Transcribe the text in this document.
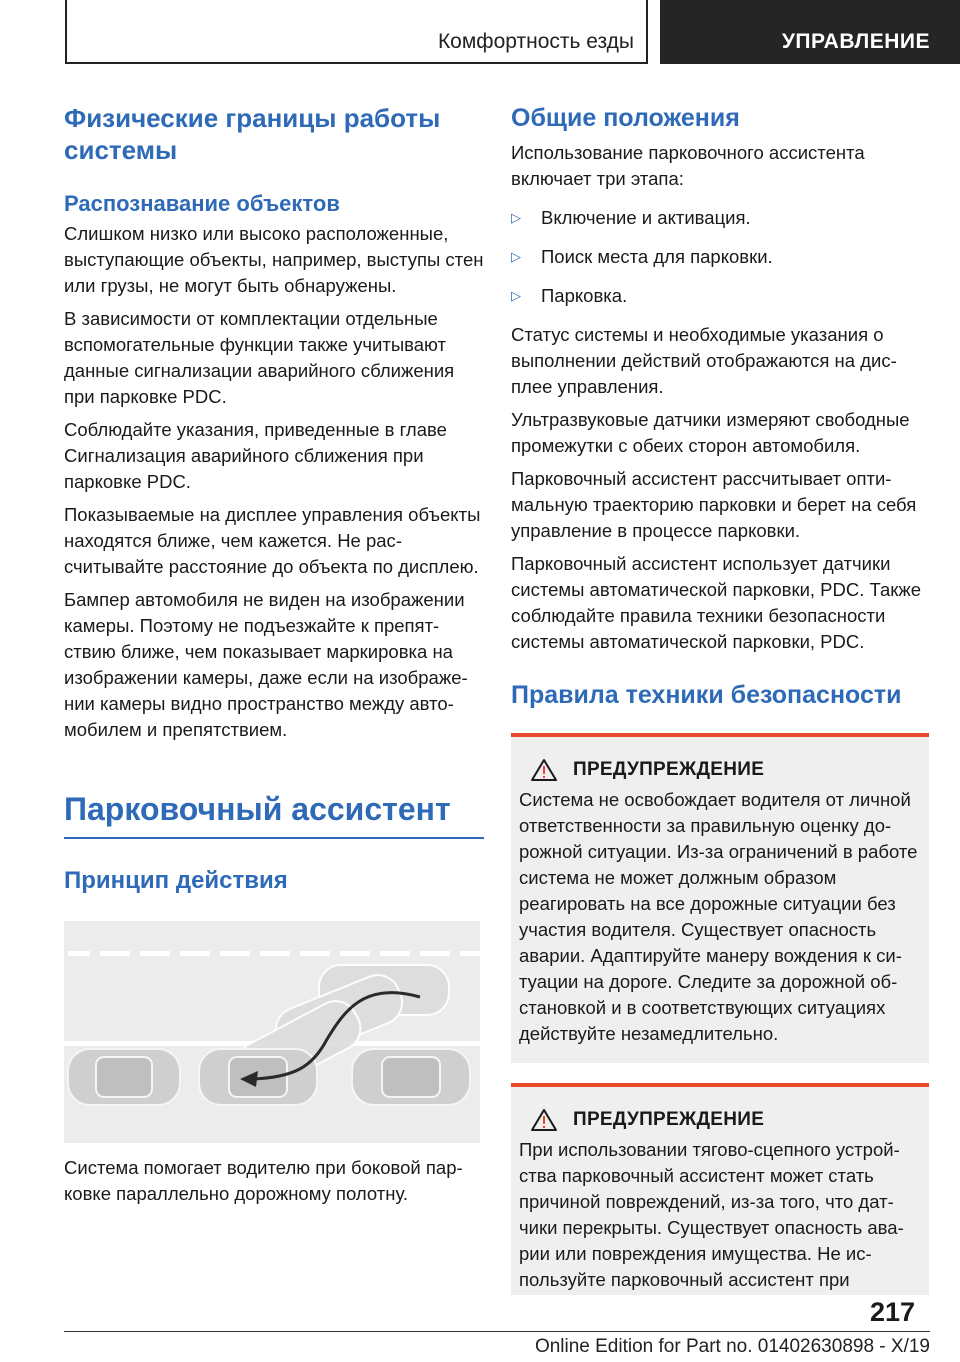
Комфортность езды	УПРАВЛЕНИЕ
Физические границы работы системы
Распознавание объектов

Слишком низко или высоко расположенные, выступающие объекты, например, выступы стен или грузы, не могут быть обнаружены.

В зависимости от комплектации отдельные вспомогательные функции также учитывают данные сигнализации аварийного сближения при парковке PDC.

Соблюдайте указания, приведенные в главе Сигнализация аварийного сближения при парковке PDC.

Показываемые на дисплее управления объекты находятся ближе, чем кажется. Не рассчитывайте расстояние до объекта по дисплею.

Бампер автомобиля не виден на изображении камеры. Поэтому не подъезжайте к препятствию ближе, чем показывает маркировка на изображении камеры, даже если на изображении камеры видно пространство между автомобилем и препятствием.

Парковочный ассистент
Принцип действия

Система помогает водителю при боковой парковке параллельно дорожному полотну.

Общие положения

Использование парковочного ассистента включает три этапа:

▷	Включение и активация.
▷	Поиск места для парковки.
▷	Парковка.

Статус системы и необходимые указания о выполнении действий отображаются на дисплее управления.

Ультразвуковые датчики измеряют свободные промежутки с обеих сторон автомобиля.

Парковочный ассистент рассчитывает оптимальную траекторию парковки и берет на себя управление в процессе парковки.

Парковочный ассистент использует датчики системы автоматической парковки, PDC. Также соблюдайте правила техники безопасности системы автоматической парковки, PDC.

Правила техники безопасности
ПРЕДУПРЕЖДЕНИЕ

Система не освобождает водителя от личной ответственности за правильную оценку дорожной ситуации. Из-за ограничений в работе система не может должным образом реагировать на все дорожные ситуации без участия водителя. Существует опасность аварии. Адаптируйте манеру вождения к ситуации на дороге. Следите за дорожной обстановкой и в соответствующих ситуациях действуйте незамедлительно.

ПРЕДУПРЕЖДЕНИЕ

При использовании тягово-сцепного устройства парковочный ассистент может стать причиной повреждений, из-за того, что датчики перекрыты. Существует опасность аварии или повреждения имущества. Не используйте парковочный ассистент при

217
Online Edition for Part no. 01402630898 - X/19
